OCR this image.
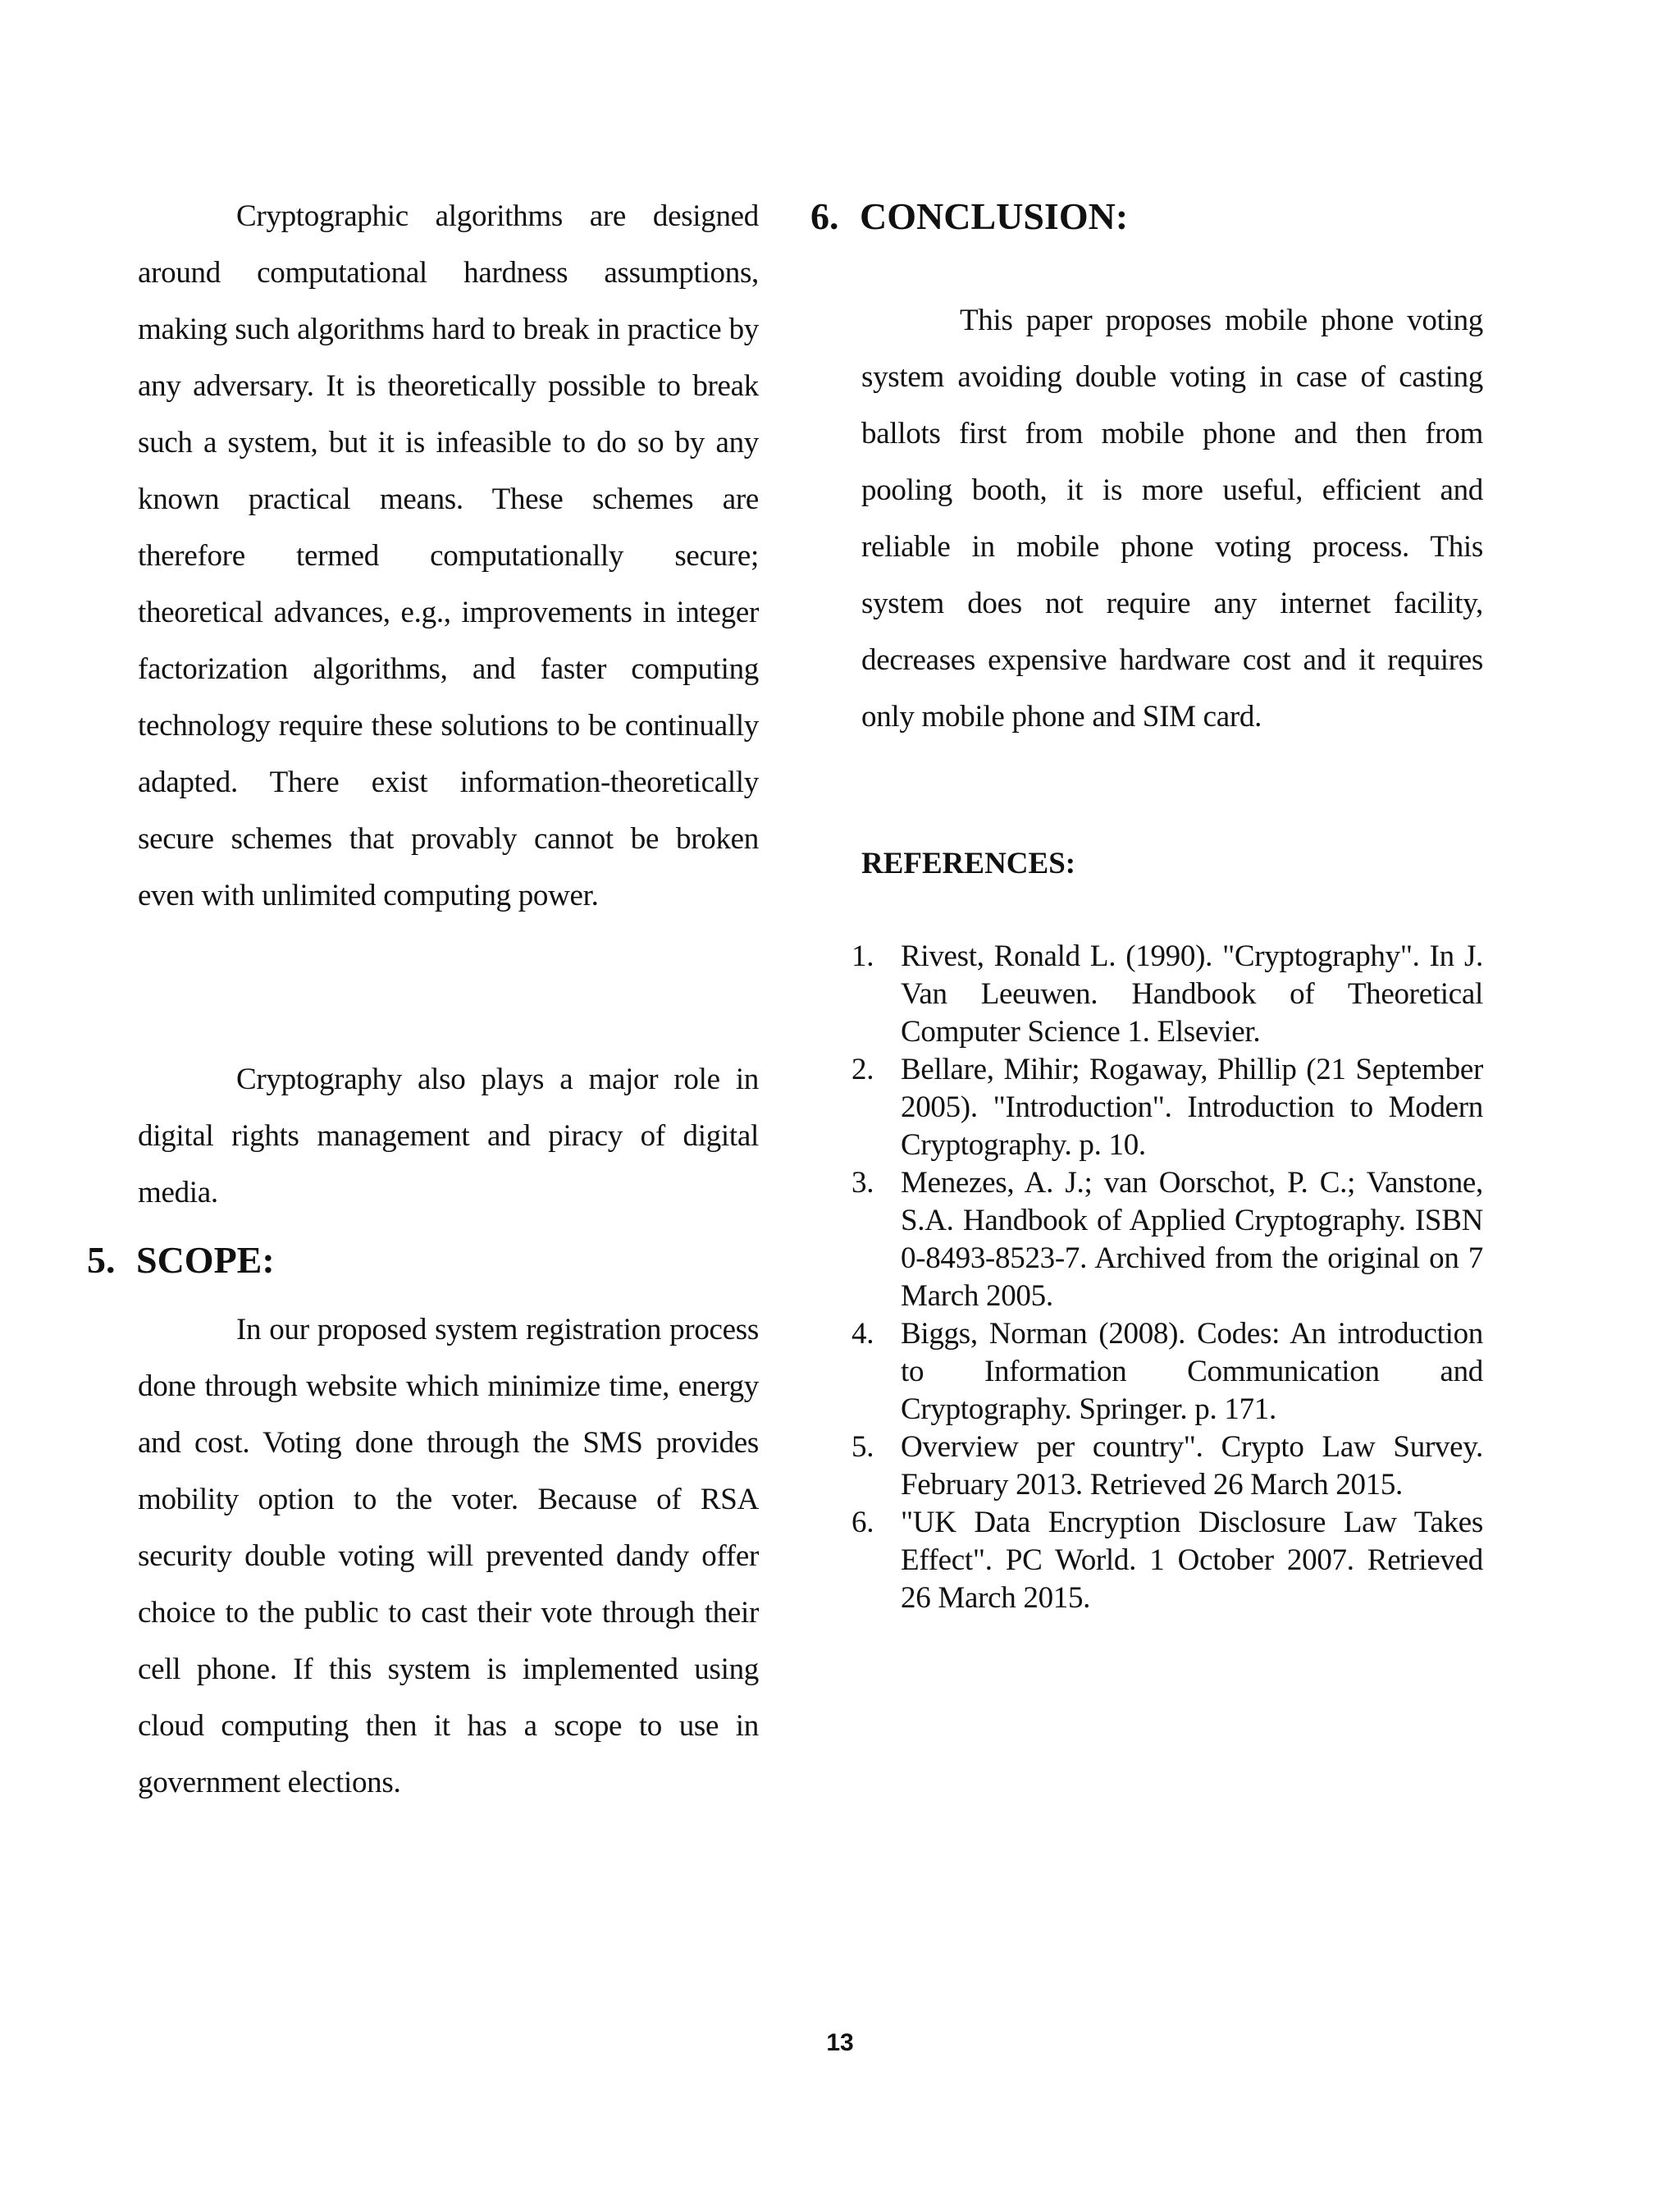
Cryptographic algorithms are designed around computational hardness assumptions, making such algorithms hard to break in practice by any adversary. It is theoretically possible to break such a system, but it is infeasible to do so by any known practical means. These schemes are therefore termed computationally secure; theoretical advances, e.g., improvements in integer factorization algorithms, and faster computing technology require these solutions to be continually adapted. There exist information-theoretically secure schemes that provably cannot be broken even with unlimited computing power.

Cryptography also plays a major role in digital rights management and piracy of digital media.

5. SCOPE:

In our proposed system registration process done through website which minimize time, energy and cost. Voting done through the SMS provides mobility option to the voter. Because of RSA security double voting will prevented dandy offer choice to the public to cast their vote through their cell phone. If this system is implemented using cloud computing then it has a scope to use in government elections.

6. CONCLUSION:

This paper proposes mobile phone voting system avoiding double voting in case of casting ballots first from mobile phone and then from pooling booth, it is more useful, efficient and reliable in mobile phone voting process. This system does not require any internet facility, decreases expensive hardware cost and it requires only mobile phone and SIM card.

REFERENCES:
1. Rivest, Ronald L. (1990). "Cryptography". In J. Van Leeuwen. Handbook of Theoretical Computer Science 1. Elsevier.
2. Bellare, Mihir; Rogaway, Phillip (21 September 2005). "Introduction". Introduction to Modern Cryptography. p. 10.
3. Menezes, A. J.; van Oorschot, P. C.; Vanstone, S.A. Handbook of Applied Cryptography. ISBN 0-8493-8523-7. Archived from the original on 7 March 2005.
4. Biggs, Norman (2008). Codes: An introduction to Information Communication and Cryptography. Springer. p. 171.
5. Overview per country". Crypto Law Survey. February 2013. Retrieved 26 March 2015.
6. "UK Data Encryption Disclosure Law Takes Effect". PC World. 1 October 2007. Retrieved 26 March 2015.
13
